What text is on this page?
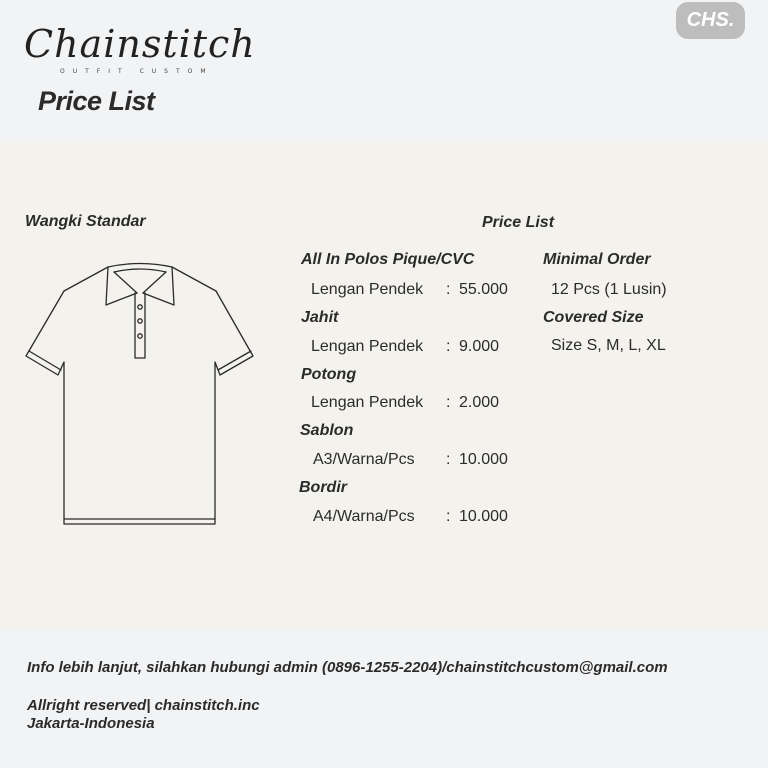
Chainstitch
OUTFIT CUSTOM
Price List
CHS.
Wangki Standar	Price List
All In Polos Pique/CVC
Lengan Pendek : 55.000
Jahit
Lengan Pendek : 9.000
Potong
Lengan Pendek : 2.000
Sablon
A3/Warna/Pcs : 10.000
Bordir
A4/Warna/Pcs : 10.000
Minimal Order
12 Pcs (1 Lusin)
Covered Size
Size S, M, L, XL
Info lebih lanjut, silahkan hubungi admin (0896-1255-2204)/chainstitchcustom@gmail.com
Allright reserved| chainstitch.inc
Jakarta-Indonesia
